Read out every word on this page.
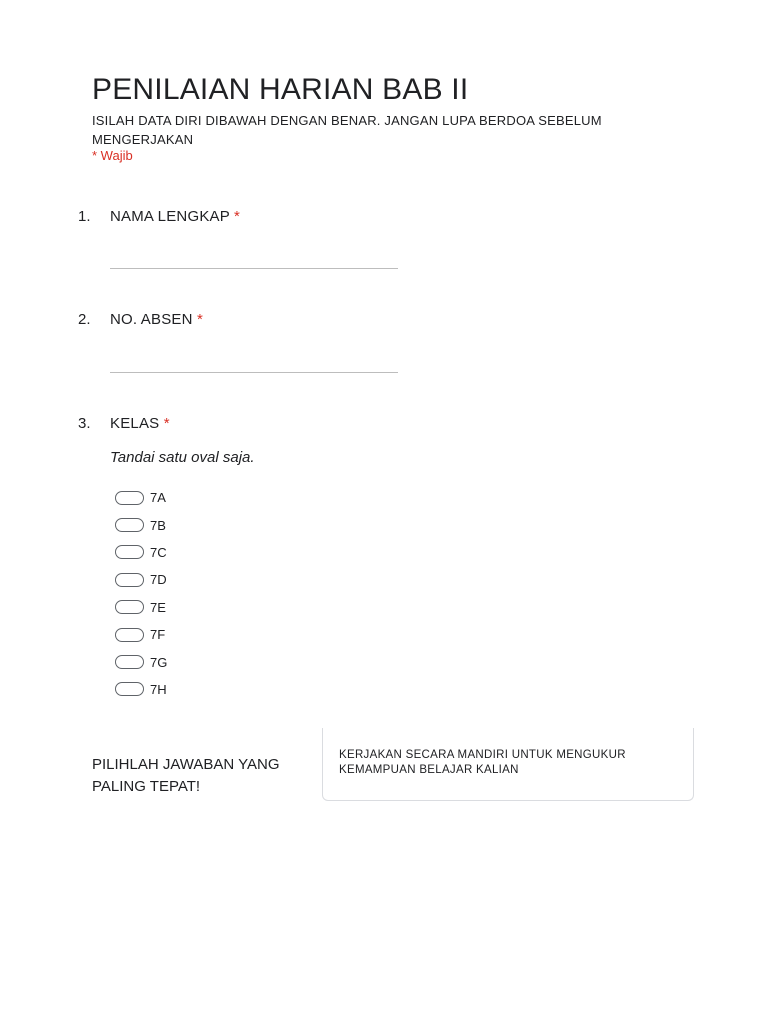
PENILAIAN HARIAN BAB II

ISILAH DATA DIRI DIBAWAH DENGAN BENAR. JANGAN LUPA BERDOA SEBELUM MENGERJAKAN

* Wajib
1. NAMA LENGKAP *
2. NO. ABSEN *
3. KELAS *
Tandai satu oval saja.
7A
7B
7C
7D
7E
7F
7G
7H

PILIHLAH JAWABAN YANG PALING TEPAT!

KERJAKAN SECARA MANDIRI UNTUK MENGUKUR KEMAMPUAN BELAJAR KALIAN
